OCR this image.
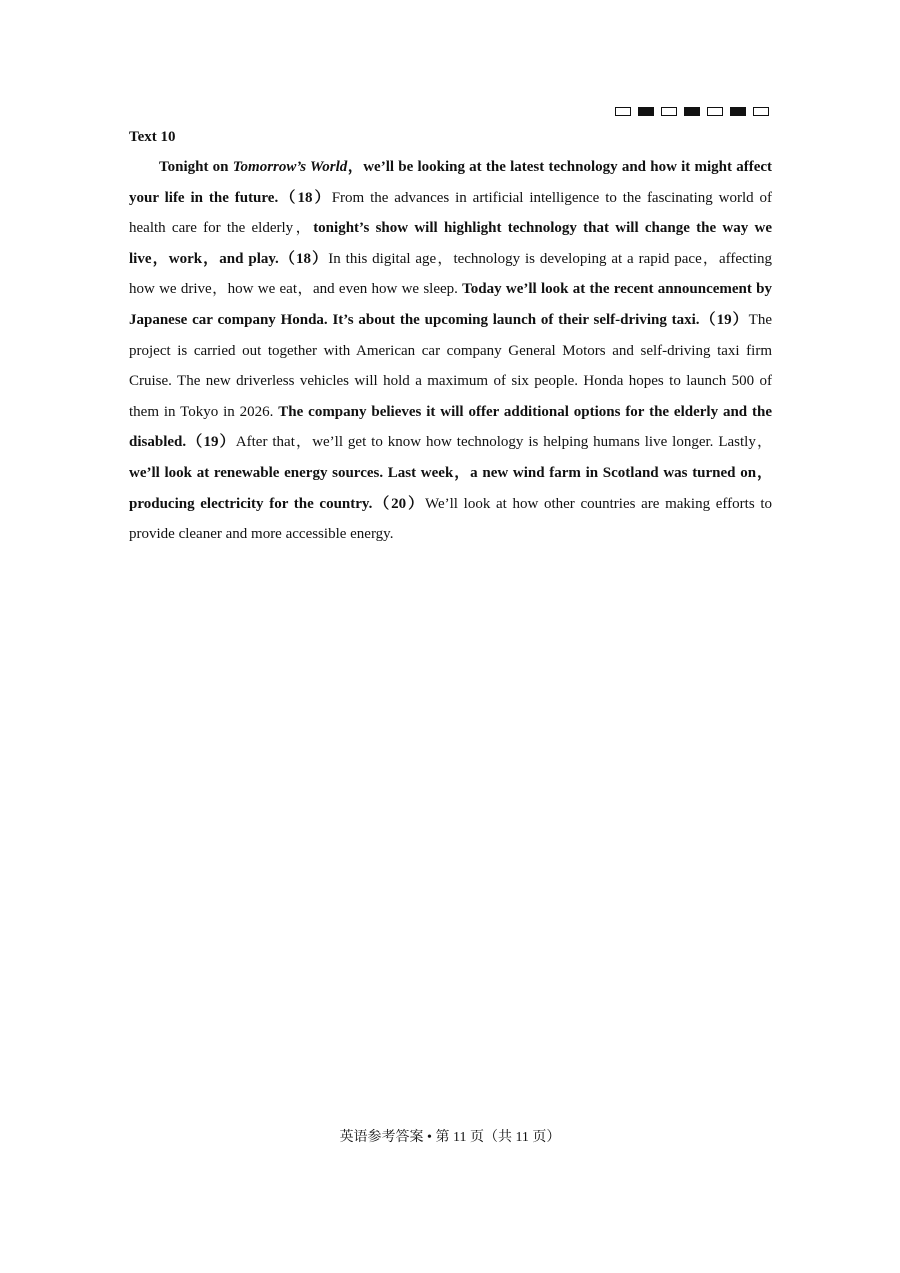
Text 10

Tonight on Tomorrow’s World，we’ll be looking at the latest technology and how it might affect your life in the future.（18）From the advances in artificial intelligence to the fascinating world of health care for the elderly，tonight’s show will highlight technology that will change the way we live，work，and play.（18）In this digital age，technology is developing at a rapid pace，affecting how we drive，how we eat，and even how we sleep. Today we’ll look at the recent announcement by Japanese car company Honda. It’s about the upcoming launch of their self-driving taxi.（19）The project is carried out together with American car company General Motors and self-driving taxi firm Cruise. The new driverless vehicles will hold a maximum of six people. Honda hopes to launch 500 of them in Tokyo in 2026. The company believes it will offer additional options for the elderly and the disabled.（19）After that，we’ll get to know how technology is helping humans live longer. Lastly，we’ll look at renewable energy sources. Last week，a new wind farm in Scotland was turned on，producing electricity for the country.（20）We’ll look at how other countries are making efforts to provide cleaner and more accessible energy.

英语参考答案 • 第 11 页（共 11 页）
